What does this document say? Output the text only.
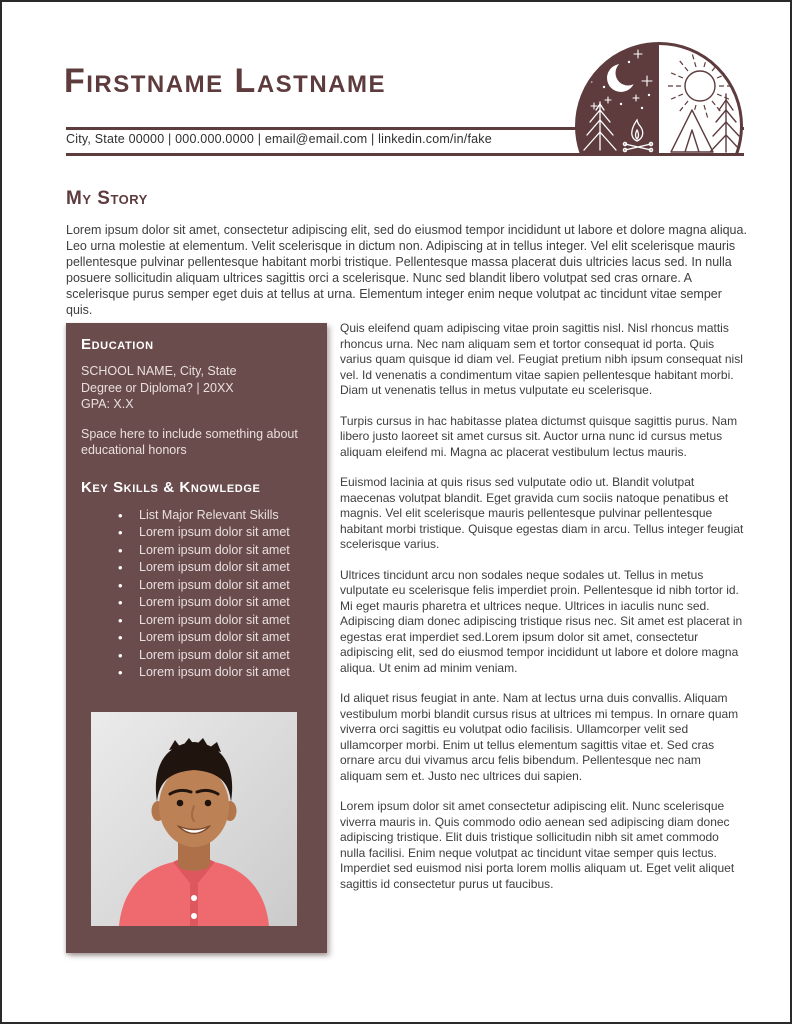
Firstname Lastname
City, State 00000 | 000.000.0000 | email@email.com | linkedin.com/in/fake
My Story
Lorem ipsum dolor sit amet, consectetur adipiscing elit, sed do eiusmod tempor incididunt ut labore et dolore magna aliqua. Leo urna molestie at elementum. Velit scelerisque in dictum non. Adipiscing at in tellus integer. Vel elit scelerisque mauris pellentesque pulvinar pellentesque habitant morbi tristique. Pellentesque massa placerat duis ultricies lacus sed. In nulla posuere sollicitudin aliquam ultrices sagittis orci a scelerisque. Nunc sed blandit libero volutpat sed cras ornare. A scelerisque purus semper eget duis at tellus at urna. Elementum integer enim neque volutpat ac tincidunt vitae semper quis.
Education
SCHOOL NAME, City, State
Degree or Diploma? | 20XX
GPA: X.X
Space here to include something about educational honors
Key Skills & Knowledge
• List Major Relevant Skills
• Lorem ipsum dolor sit amet
• Lorem ipsum dolor sit amet
• Lorem ipsum dolor sit amet
• Lorem ipsum dolor sit amet
• Lorem ipsum dolor sit amet
• Lorem ipsum dolor sit amet
• Lorem ipsum dolor sit amet
• Lorem ipsum dolor sit amet
• Lorem ipsum dolor sit amet

Quis eleifend quam adipiscing vitae proin sagittis nisl. Nisl rhoncus mattis rhoncus urna. Nec nam aliquam sem et tortor consequat id porta. Quis varius quam quisque id diam vel. Feugiat pretium nibh ipsum consequat nisl vel. Id venenatis a condimentum vitae sapien pellentesque habitant morbi. Diam ut venenatis tellus in metus vulputate eu scelerisque.

Turpis cursus in hac habitasse platea dictumst quisque sagittis purus. Nam libero justo laoreet sit amet cursus sit. Auctor urna nunc id cursus metus aliquam eleifend mi. Magna ac placerat vestibulum lectus mauris.

Euismod lacinia at quis risus sed vulputate odio ut. Blandit volutpat maecenas volutpat blandit. Eget gravida cum sociis natoque penatibus et magnis. Vel elit scelerisque mauris pellentesque pulvinar pellentesque habitant morbi tristique. Quisque egestas diam in arcu. Tellus integer feugiat scelerisque varius.

Ultrices tincidunt arcu non sodales neque sodales ut. Tellus in metus vulputate eu scelerisque felis imperdiet proin. Pellentesque id nibh tortor id. Mi eget mauris pharetra et ultrices neque. Ultrices in iaculis nunc sed. Adipiscing diam donec adipiscing tristique risus nec. Sit amet est placerat in egestas erat imperdiet sed.Lorem ipsum dolor sit amet, consectetur adipiscing elit, sed do eiusmod tempor incididunt ut labore et dolore magna aliqua. Ut enim ad minim veniam.

Id aliquet risus feugiat in ante. Nam at lectus urna duis convallis. Aliquam vestibulum morbi blandit cursus risus at ultrices mi tempus. In ornare quam viverra orci sagittis eu volutpat odio facilisis. Ullamcorper velit sed ullamcorper morbi. Enim ut tellus elementum sagittis vitae et. Sed cras ornare arcu dui vivamus arcu felis bibendum. Pellentesque nec nam aliquam sem et. Justo nec ultrices dui sapien.

Lorem ipsum dolor sit amet consectetur adipiscing elit. Nunc scelerisque viverra mauris in. Quis commodo odio aenean sed adipiscing diam donec adipiscing tristique. Elit duis tristique sollicitudin nibh sit amet commodo nulla facilisi. Enim neque volutpat ac tincidunt vitae semper quis lectus. Imperdiet sed euismod nisi porta lorem mollis aliquam ut. Eget velit aliquet sagittis id consectetur purus ut faucibus.
